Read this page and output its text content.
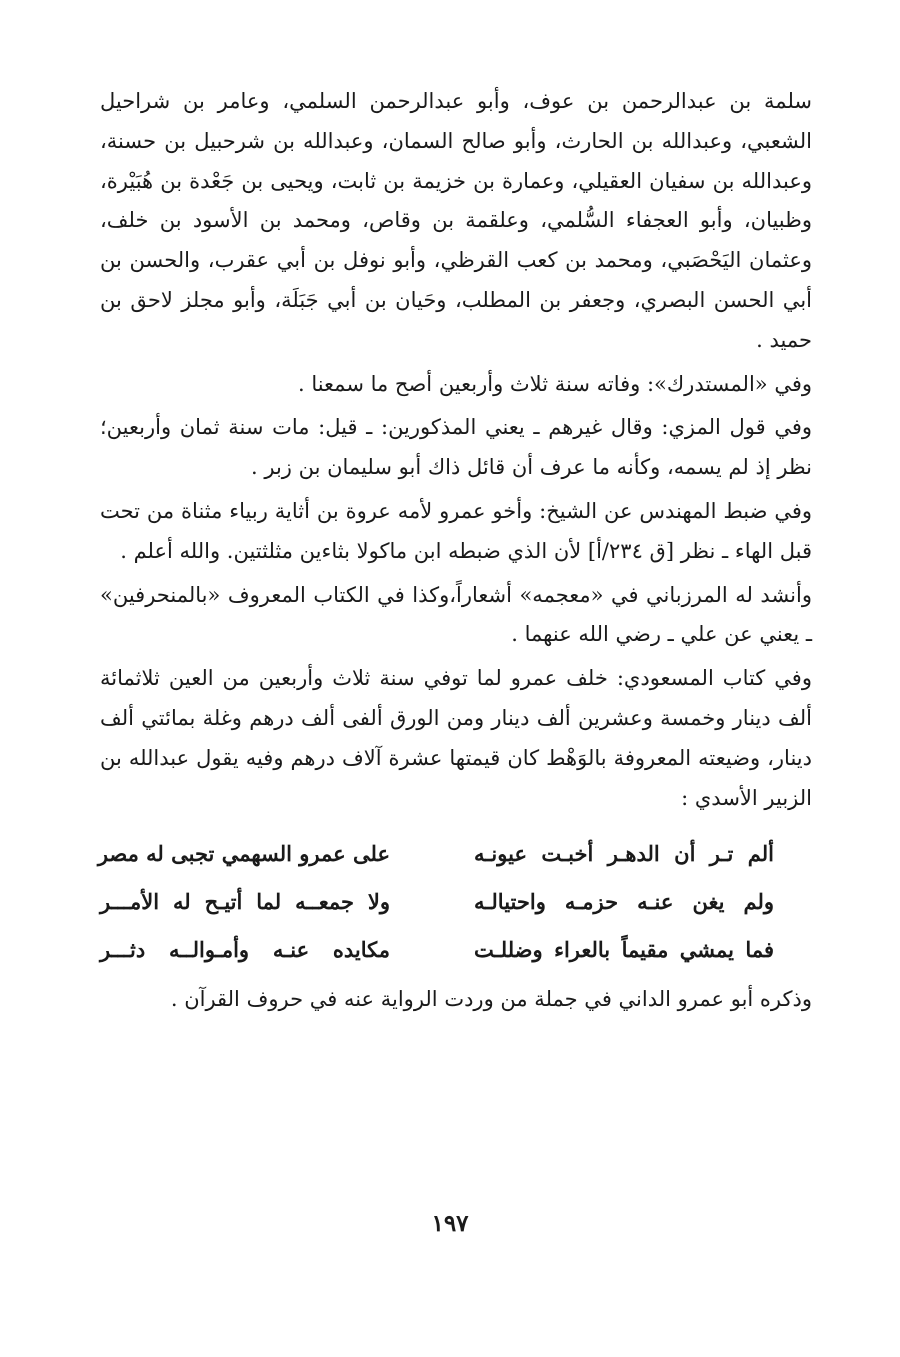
سلمة بن عبدالرحمن بن عوف، وأبو عبدالرحمن السلمي، وعامر بن شراحيل الشعبي، وعبدالله بن الحارث، وأبو صالح السمان، وعبدالله بن شرحبيل بن حسنة، وعبدالله بن سفيان العقيلي، وعمارة بن خزيمة بن ثابت، ويحيى بن جَعْدة بن هُبَيْرة، وظبيان، وأبو العجفاء السُّلمي، وعلقمة بن وقاص، ومحمد بن الأسود بن خلف، وعثمان اليَحْصَبي، ومحمد بن كعب القرظي، وأبو نوفل بن أبي عقرب، والحسن بن أبي الحسن البصري، وجعفر بن المطلب، وحَيان بن أبي جَبَلَة، وأبو مجلز لاحق بن حميد .

وفي «المستدرك»: وفاته سنة ثلاث وأربعين أصح ما سمعنا .

وفي قول المزي: وقال غيرهم ـ يعني المذكورين: ـ قيل: مات سنة ثمان وأربعين؛ نظر إذ لم يسمه، وكأنه ما عرف أن قائل ذاك أبو سليمان بن زبر .

وفي ضبط المهندس عن الشيخ: وأخو عمرو لأمه عروة بن أثاية ربياء مثناة من تحت قبل الهاء ـ نظر [ق ٢٣٤/أ] لأن الذي ضبطه ابن ماكولا بثاءين مثلثتين. والله أعلم .

وأنشد له المرزباني في «معجمه» أشعاراً،وكذا في الكتاب المعروف «بالمنحرفين» ـ يعني عن علي ـ رضي الله عنهما .

وفي كتاب المسعودي: خلف عمرو لما توفي سنة ثلاث وأربعين من العين ثلاثمائة ألف دينار وخمسة وعشرين ألف دينار ومن الورق ألفى ألف درهم وغلة بمائتي ألف دينار، وضيعته المعروفة بالوَهْط كان قيمتها عشرة آلاف درهم وفيه يقول عبدالله بن الزبير الأسدي :

ألم تـر أن الدهـر أخبـت عيونـه
على عمرو السهمي تجبى له مصر
ولم يغن عنـه حزمـه واحتيالـه
ولا جمعــه لما أتيـح له الأمـــر
فما يمشي مقيماً بالعراء وضللـت
مكايده عنـه وأمـوالــه دثـــر

وذكره أبو عمرو الداني في جملة من وردت الرواية عنه في حروف القرآن .

١٩٧
